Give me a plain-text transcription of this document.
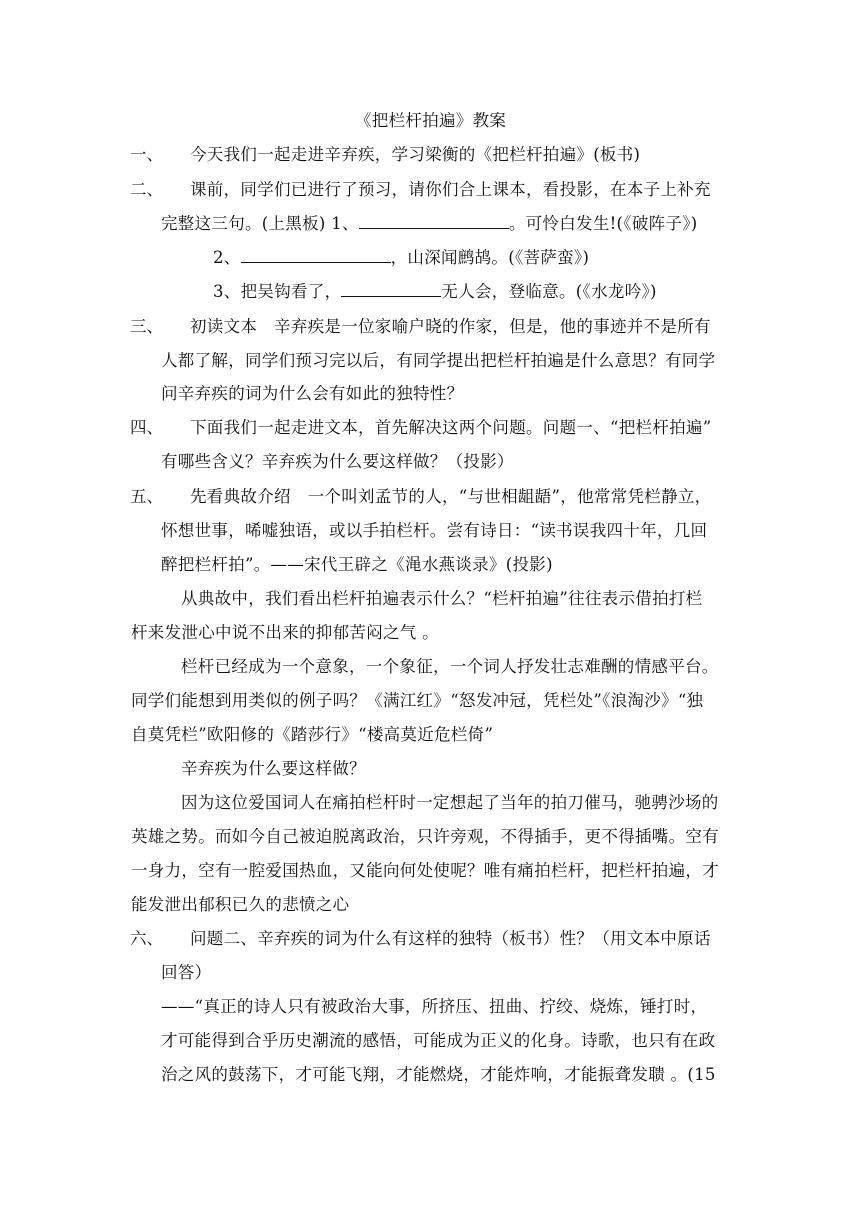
《把栏杆拍遍》教案
一、 今天我们一起走进辛弃疾，学习梁衡的《把栏杆拍遍》(板书)
二、 课前，同学们已进行了预习，请你们合上课本，看投影，在本子上补充
完整这三句。(上黑板) 1、	。可怜白发生!(《破阵子》)
2、	，山深闻鹧鸪。(《菩萨蛮》)
3、把吴钩看了，	无人会，登临意。(《水龙吟》)
三、 初读文本　辛弃疾是一位家喻户晓的作家，但是，他的事迹并不是所有
人都了解，同学们预习完以后，有同学提出把栏杆拍遍是什么意思？有同学
问辛弃疾的词为什么会有如此的独特性？
四、 下面我们一起走进文本，首先解决这两个问题。问题一、“把栏杆拍遍”
有哪些含义？辛弃疾为什么要这样做？（投影）
五、 先看典故介绍　一个叫刘孟节的人，“与世相龃龉”，他常常凭栏静立，
怀想世事，唏嘘独语，或以手拍栏杆。尝有诗日：“读书误我四十年，几回
醉把栏杆拍”。——宋代王辟之《渑水燕谈录》(投影)
从典故中，我们看出栏杆拍遍表示什么？“栏杆拍遍”往往表示借拍打栏
杆来发泄心中说不出来的抑郁苦闷之气 。
栏杆已经成为一个意象，一个象征，一个词人抒发壮志难酬的情感平台。
同学们能想到用类似的例子吗？《满江红》“怒发冲冠，凭栏处”《浪淘沙》“独
自莫凭栏”欧阳修的《踏莎行》“楼高莫近危栏倚”
辛弃疾为什么要这样做？
因为这位爱国词人在痛拍栏杆时一定想起了当年的拍刀催马，驰骋沙场的
英雄之势。而如今自己被迫脱离政治，只许旁观，不得插手，更不得插嘴。空有
一身力，空有一腔爱国热血，又能向何处使呢？唯有痛拍栏杆，把栏杆拍遍，才
能发泄出郁积已久的悲愤之心
六、 问题二、辛弃疾的词为什么有这样的独特（板书）性？（用文本中原话
回答）
——“真正的诗人只有被政治大事，所挤压、扭曲、拧绞、烧炼，锤打时，
才可能得到合乎历史潮流的感悟，可能成为正义的化身。诗歌，也只有在政
治之风的鼓荡下，才可能飞翔，才能燃烧，才能炸响，才能振聋发聩 。(15
